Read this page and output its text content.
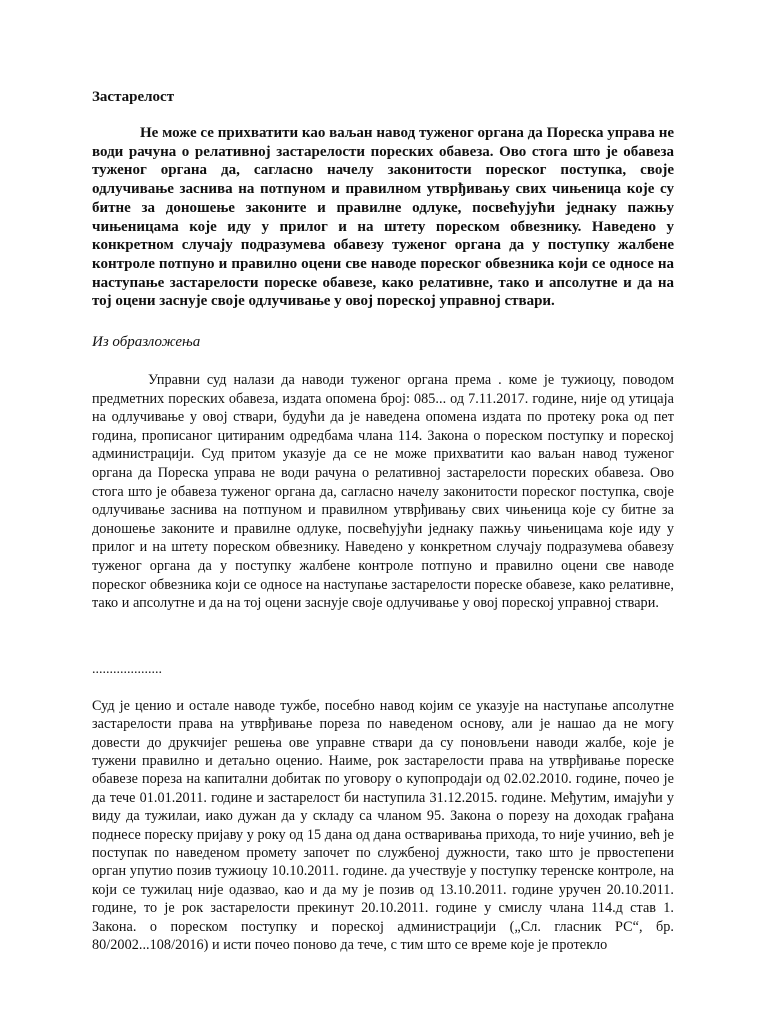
Застарелост

Не може се прихватити као ваљан навод туженог органа да Пореска управа не води рачуна о релативној застарелости пореских обавеза. Ово стога што је обавеза туженог органа да, сагласно начелу законитости пореског поступка, своје одлучивање заснива на потпуном и правилном утврђивању свих чињеница које су битне за доношење законите и правилне одлуке, посвећујући једнаку пажњу чињеницама које иду у прилог и на штету пореском обвезнику. Наведено у конкретном случају подразумева обавезу туженог органа да у поступку жалбене контроле потпуно и правилно оцени све наводе пореског обвезника који се односе на наступање застарелости пореске обавезе, како релативне, тако и апсолутне и да на тој оцени заснује своје одлучивање у овој пореској управној ствари.

Из образложења

Управни суд налази да наводи туженог органа према . коме је тужиоцу, поводом предметних пореских обавеза, издата опомена број: 085... од 7.11.2017. године, није од утицаја на одлучивање у овој ствари, будући да је наведена опомена издата по протеку рока од пет година, прописаног цитираним одредбама члана 114. Закона о пореском поступку и пореској администрацији. Суд притом указује да се не може прихватити као ваљан навод туженог органа да Пореска управа не води рачуна о релативној застарелости пореских обавеза. Ово стога што је обавеза туженог органа да, сагласно начелу законитости пореског поступка, своје одлучивање заснива на потпуном и правилном утврђивању свих чињеница које су битне за доношење законите и правилне одлуке, посвећујући једнаку пажњу чињеницама које иду у прилог и на штету пореском обвезнику. Наведено у конкретном случају подразумева обавезу туженог органа да у поступку жалбене контроле потпуно и правилно оцени све наводе пореског обвезника који се односе на наступање застарелости пореске обавезе, како релативне, тако и апсолутне и да на тој оцени заснује своје одлучивање у овој пореској управној ствари.

....................

Суд је ценио и остале наводе тужбе, посебно навод којим се указује на наступање апсолутне застарелости права на утврђивање пореза по наведеном основу, али је нашао да не могу довести до друкчијег решења ове управне ствари да су поновљени наводи жалбе, које је тужени правилно и детаљно оценио. Наиме, рок застарелости права на утврђивање пореске обавезе пореза на капитални добитак по уговору о купопродаји од 02.02.2010. године, почео је да тече 01.01.2011. године и застарелост би наступила 31.12.2015. године. Међутим, имајући у виду да тужилаи, иако дужан да у складу са чланом 95. Закона о порезу на доходак грађана поднесе пореску пријаву у року од 15 дана од дана остваривања прихода, то није учинио, већ је поступак по наведеном промету започет по службеној дужности, тако што је првостепени орган упутио позив тужиоцу 10.10.2011. године. да учествује у поступку теренске контроле, на који се тужилац није одазвао, као и да му је позив од 13.10.2011. године уручен 20.10.2011. године, то је рок застарелости прекинут 20.10.2011. године у смислу члана 114.д став 1. Закона. о пореском поступку и пореској администрацији („Сл. гласник РС“, бр. 80/2002...108/2016) и исти почео поново да тече, с тим што се време које је протекло
